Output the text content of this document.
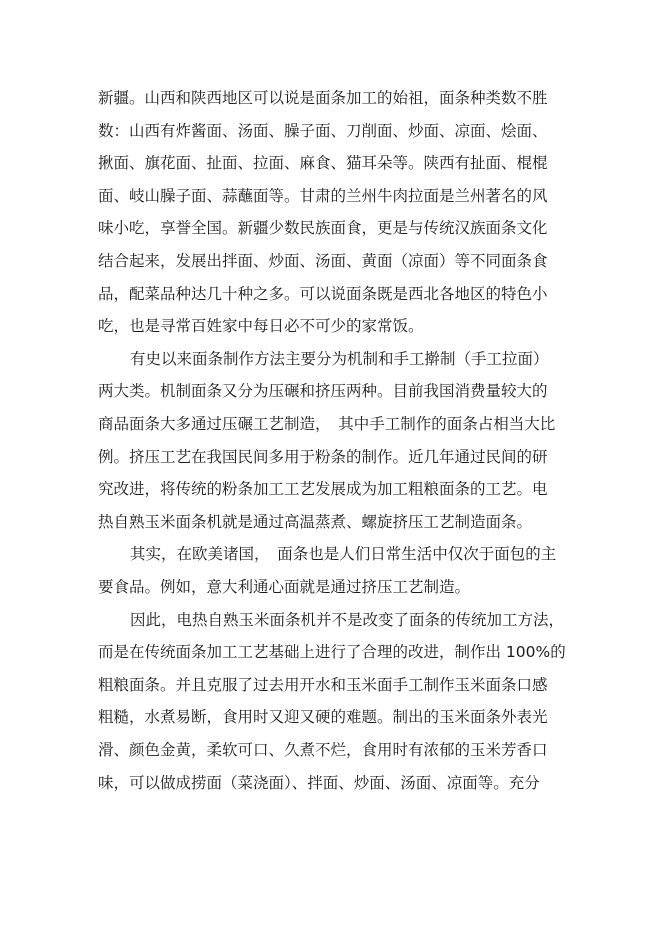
新疆。山西和陕西地区可以说是面条加工的始祖，面条种类数不胜
数：山西有炸酱面、汤面、臊子面、刀削面、炒面、凉面、烩面、
揪面、旗花面、扯面、拉面、麻食、猫耳朵等。陕西有扯面、棍棍
面、岐山臊子面、蒜蘸面等。甘肃的兰州牛肉拉面是兰州著名的风
味小吃，享誉全国。新疆少数民族面食，更是与传统汉族面条文化
结合起来，发展出拌面、炒面、汤面、黄面（凉面）等不同面条食
品，配菜品种达几十种之多。可以说面条既是西北各地区的特色小
吃，也是寻常百姓家中每日必不可少的家常饭。
有史以来面条制作方法主要分为机制和手工擀制（手工拉面）
两大类。机制面条又分为压碾和挤压两种。目前我国消费量较大的
商品面条大多通过压碾工艺制造，　其中手工制作的面条占相当大比
例。挤压工艺在我国民间多用于粉条的制作。近几年通过民间的研
究改进，将传统的粉条加工工艺发展成为加工粗粮面条的工艺。电
热自熟玉米面条机就是通过高温蒸煮、螺旋挤压工艺制造面条。
其实，在欧美诸国，　面条也是人们日常生活中仅次于面包的主
要食品。例如，意大利通心面就是通过挤压工艺制造。
因此，电热自熟玉米面条机并不是改变了面条的传统加工方法，
而是在传统面条加工工艺基础上进行了合理的改进，制作出 100%的
粗粮面条。并且克服了过去用开水和玉米面手工制作玉米面条口感
粗糙，水煮易断，食用时又迎又硬的难题。制出的玉米面条外表光
滑、颜色金黄，柔软可口、久煮不烂，食用时有浓郁的玉米芳香口
味，可以做成捞面（菜浇面）、拌面、炒面、汤面、凉面等。充分
